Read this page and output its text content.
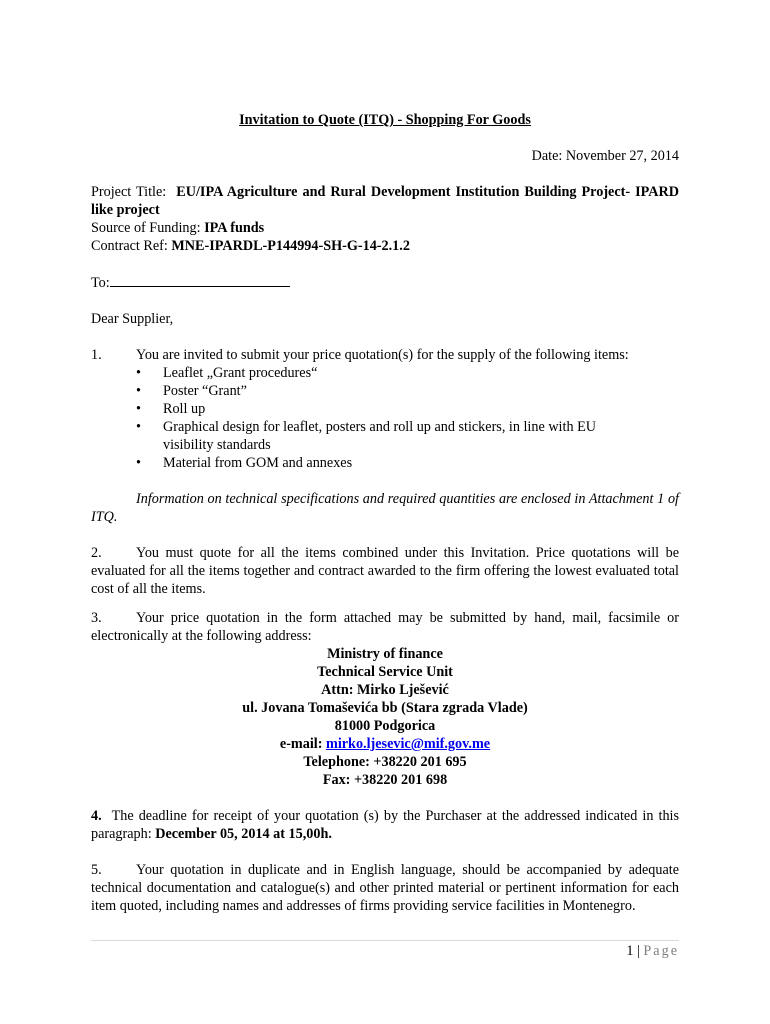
Invitation to Quote (ITQ) - Shopping For Goods
Date: November 27, 2014

Project Title: EU/IPA Agriculture and Rural Development Institution Building Project- IPARD like project

Source of Funding: IPA funds

Contract Ref: MNE-IPARDL-P144994-SH-G-14-2.1.2

To:

Dear Supplier,

1.	You are invited to submit your price quotation(s) for the supply of the following items:
•	Leaflet „Grant procedures“
•	Poster “Grant”
•	Roll up
•	Graphical design for leaflet, posters and roll up and stickers, in line with EU visibility standards
•	Material from GOM and annexes

Information on technical specifications and required quantities are enclosed in Attachment 1 of ITQ.

2. You must quote for all the items combined under this Invitation. Price quotations will be evaluated for all the items together and contract awarded to the firm offering the lowest evaluated total cost of all the items.

3. Your price quotation in the form attached may be submitted by hand, mail, facsimile or electronically at the following address:

Ministry of finance
Technical Service Unit
Attn: Mirko Lješević
ul. Jovana Tomaševića bb (Stara zgrada Vlade)
81000 Podgorica
e-mail: mirko.ljesevic@mif.gov.me
Telephone: +38220 201 695
Fax: +38220 201 698

4. The deadline for receipt of your quotation (s) by the Purchaser at the addressed indicated in this paragraph: December 05, 2014 at 15,00h.

5. Your quotation in duplicate and in English language, should be accompanied by adequate technical documentation and catalogue(s) and other printed material or pertinent information for each item quoted, including names and addresses of firms providing service facilities in Montenegro.

1 | Page
